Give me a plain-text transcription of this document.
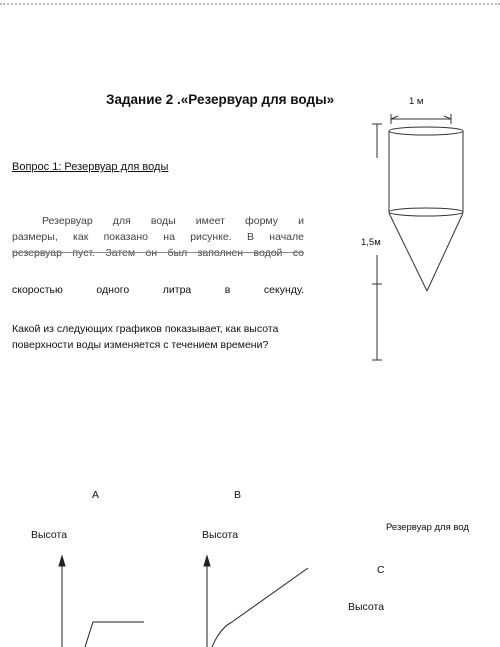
Задание 2 .«Резервуар для воды»
Вопрос 1: Резервуар для воды
Резервуар для воды имеет форму и
размеры, как показано на рисунке. В начале
резервуар пуст. Затем он был заполнен водой со
скоростью	одного	литра	в	секунду.
Какой из следующих графиков показывает, как высота
поверхности воды изменяется с течением времени?
1 м
1,5м
A	B
Высота	Высота
Резервуар для вод
C
Высота
